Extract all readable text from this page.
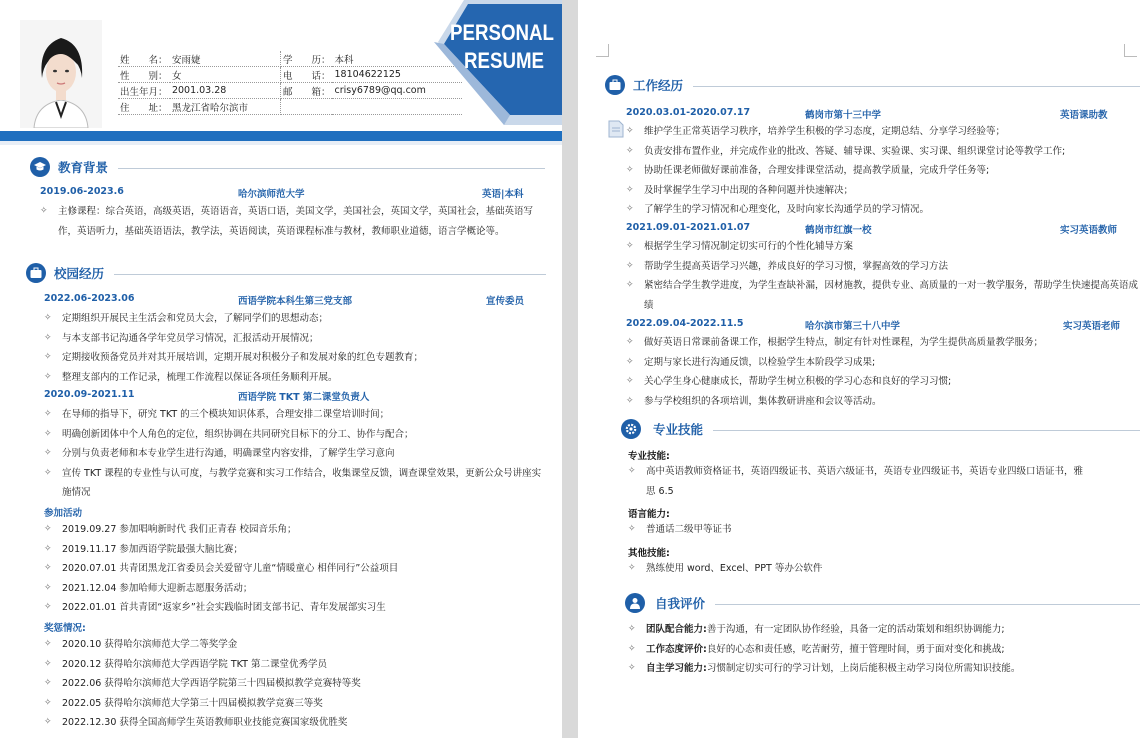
姓　　名：	安雨婕	学　　历：	本科
性　　别：	女	电　　话：	18104622125
出生年月：	2001.03.28	邮　　箱：	crisy6789@qq.com
住　　址：	黑龙江省哈尔滨市		
PERSONAL
RESUME
教育背景
2019.06-2023.6	哈尔滨师范大学	英语|本科
✧ 主修课程：综合英语，高级英语，英语语音，英语口语，美国文学，美国社会，英国文学，英国社会，基础英语写作，英语听力，基础英语语法，教学法，英语阅读，英语课程标准与教材，教师职业道德，语言学概论等。
校园经历
2022.06-2023.06	西语学院本科生第三党支部	宣传委员
✧ 定期组织开展民主生活会和党员大会，了解同学们的思想动态；
✧ 与本支部书记沟通各学年党员学习情况，汇报活动开展情况；
✧ 定期接收预备党员并对其开展培训，定期开展对积极分子和发展对象的红色专题教育；
✧ 整理支部内的工作记录，梳理工作流程以保证各项任务顺利开展。
2020.09-2021.11	西语学院 TKT 第二课堂负责人
✧ 在导师的指导下，研究 TKT 的三个模块知识体系，合理安排二课堂培训时间；
✧ 明确创新团体中个人角色的定位，组织协调在共同研究目标下的分工、协作与配合；
✧ 分别与负责老师和本专业学生进行沟通，明确课堂内容安排，了解学生学习意向
✧ 宣传 TKT 课程的专业性与认可度，与教学竞赛和实习工作结合，收集课堂反馈，调查课堂效果，更新公众号讲座实施情况
参加活动
✧ 2019.09.27 参加唱响新时代 我们正青春 校园音乐角；
✧ 2019.11.17 参加西语学院最强大脑比赛；
✧ 2020.07.01 共青团黑龙江省委员会关爱留守儿童“情暖童心 相伴同行”公益项目
✧ 2021.12.04 参加哈师大迎新志愿服务活动；
✧ 2022.01.01 首共青团“返家乡”社会实践临时团支部书记、青年发展部实习生
奖惩情况:
✧ 2020.10 获得哈尔滨师范大学二等奖学金
✧ 2020.12 获得哈尔滨师范大学西语学院 TKT 第二课堂优秀学员
✧ 2022.06 获得哈尔滨师范大学西语学院第三十四届模拟教学竞赛特等奖
✧ 2022.05 获得哈尔滨师范大学第三十四届模拟教学竞赛三等奖
✧ 2022.12.30 获得全国高师学生英语教师职业技能竞赛国家级优胜奖
工作经历
2020.03.01-2020.07.17	鹤岗市第十三中学	英语课助教
✧ 维护学生正常英语学习秩序，培养学生积极的学习态度，定期总结、分享学习经验等；
✧ 负责安排布置作业，并完成作业的批改、答疑、辅导课、实验课、实习课、组织课堂讨论等教学工作;
✧ 协助任课老师做好课前准备，合理安排课堂活动，提高教学质量，完成升学任务等;
✧ 及时掌握学生学习中出现的各种问题并快速解决；
✧ 了解学生的学习情况和心理变化，及时向家长沟通学员的学习情况。
2021.09.01-2021.01.07	鹤岗市红旗一校	实习英语教师
✧ 根据学生学习情况制定切实可行的个性化辅导方案
✧ 帮助学生提高英语学习兴趣，养成良好的学习习惯，掌握高效的学习方法
✧ 紧密结合学生教学进度，为学生查缺补漏，因材施教，提供专业、高质量的一对一教学服务，帮助学生快速提高英语成绩
2022.09.04-2022.11.5	哈尔滨市第三十八中学	实习英语老师
✧ 做好英语日常课前备课工作，根据学生特点，制定有针对性课程，为学生提供高质量教学服务；
✧ 定期与家长进行沟通反馈，以检验学生本阶段学习成果;
✧ 关心学生身心健康成长，帮助学生树立积极的学习心态和良好的学习习惯;
✧ 参与学校组织的各项培训，集体教研讲座和会议等活动。
专业技能
专业技能:
✧ 高中英语教师资格证书，英语四级证书、英语六级证书，英语专业四级证书，英语专业四级口语证书，雅思 6.5
语言能力:
✧ 普通话二级甲等证书
其他技能:
✧ 熟练使用 word、Excel、PPT 等办公软件
自我评价
✧ 团队配合能力:善于沟通，有一定团队协作经验，具备一定的活动策划和组织协调能力;
✧ 工作态度评价:良好的心态和责任感，吃苦耐劳，擅于管理时间，勇于面对变化和挑战;
✧ 自主学习能力:习惯制定切实可行的学习计划，上岗后能积极主动学习岗位所需知识技能。
